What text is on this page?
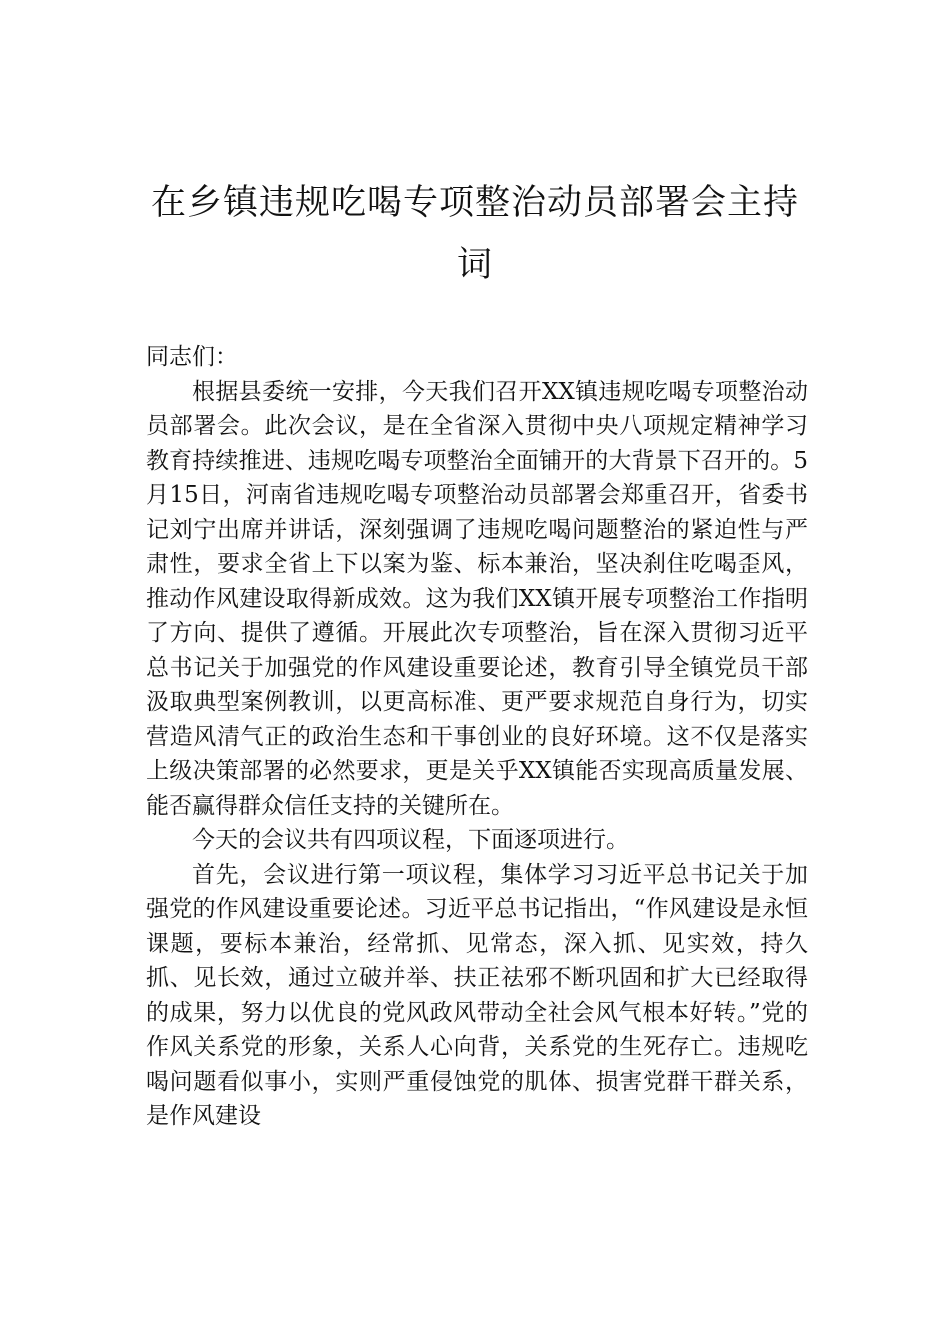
在乡镇违规吃喝专项整治动员部署会主持词

同志们：

根据县委统一安排，今天我们召开XX镇违规吃喝专项整治动员部署会。此次会议，是在全省深入贯彻中央八项规定精神学习教育持续推进、违规吃喝专项整治全面铺开的大背景下召开的。5月15日，河南省违规吃喝专项整治动员部署会郑重召开，省委书记刘宁出席并讲话，深刻强调了违规吃喝问题整治的紧迫性与严肃性，要求全省上下以案为鉴、标本兼治，坚决刹住吃喝歪风，推动作风建设取得新成效。这为我们XX镇开展专项整治工作指明了方向、提供了遵循。开展此次专项整治，旨在深入贯彻习近平总书记关于加强党的作风建设重要论述，教育引导全镇党员干部汲取典型案例教训，以更高标准、更严要求规范自身行为，切实营造风清气正的政治生态和干事创业的良好环境。这不仅是落实上级决策部署的必然要求，更是关乎XX镇能否实现高质量发展、能否赢得群众信任支持的关键所在。

今天的会议共有四项议程，下面逐项进行。

首先，会议进行第一项议程，集体学习习近平总书记关于加强党的作风建设重要论述。习近平总书记指出，“作风建设是永恒课题，要标本兼治，经常抓、见常态，深入抓、见实效，持久抓、见长效，通过立破并举、扶正祛邪不断巩固和扩大已经取得的成果，努力以优良的党风政风带动全社会风气根本好转。”党的作风关系党的形象，关系人心向背，关系党的生死存亡。违规吃喝问题看似事小，实则严重侵蚀党的肌体、损害党群干群关系，是作风建设
